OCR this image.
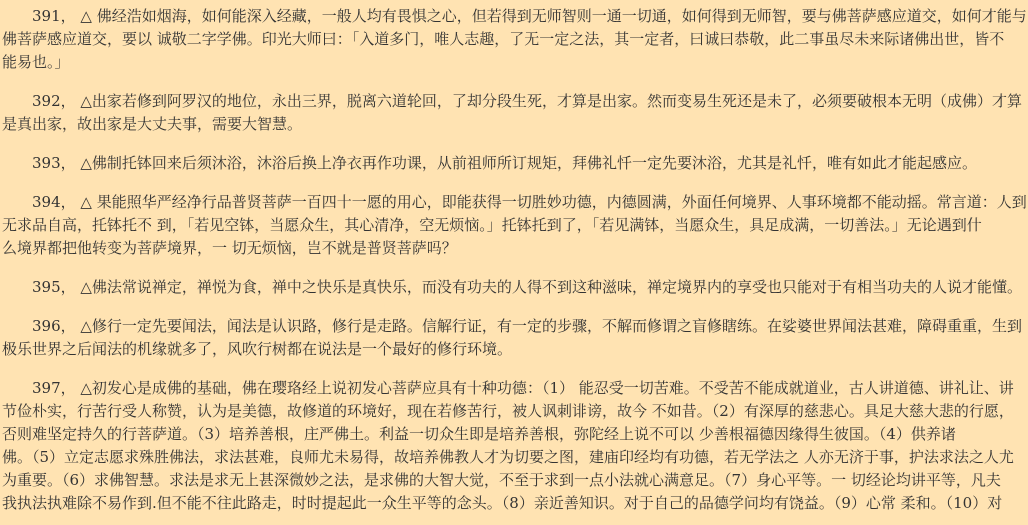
　　391， △ 佛经浩如烟海，如何能深入经藏，一般人均有畏惧之心，但若得到无师智则一通一切通，如何得到无师智，要与佛菩萨感应道交，如何才能与
佛菩萨感应道交，要以 诚敬二字学佛。印光大师曰：「入道多门，唯人志趣，了无一定之法，其一定者，曰诚曰恭敬，此二事虽尽未来际诸佛出世，皆不
能易也。」

　　392， △出家若修到阿罗汉的地位，永出三界，脱离六道轮回，了却分段生死，才算是出家。然而变易生死还是未了，必须要破根本无明（成佛）才算
是真出家，故出家是大丈夫事，需要大智慧。

　　393， △佛制托钵回来后须沐浴，沐浴后换上净衣再作功课，从前祖师所订规矩，拜佛礼忏一定先要沐浴，尤其是礼忏，唯有如此才能起感应。

　　394， △ 果能照华严经净行品普贤菩萨一百四十一愿的用心，即能获得一切胜妙功德，内德圆满，外面任何境界、人事环境都不能动摇。常言道：人到
无求品自高，托钵托不 到，「若见空钵，当愿众生，其心清净，空无烦恼。」托钵托到了，「若见满钵，当愿众生，具足成满，一切善法。」无论遇到什
么境界都把他转变为菩萨境界，一 切无烦恼，岂不就是普贤菩萨吗？

　　395， △佛法常说禅定，禅悦为食，禅中之快乐是真快乐，而没有功夫的人得不到这种滋味，禅定境界内的享受也只能对于有相当功夫的人说才能懂。

　　396， △修行一定先要闻法，闻法是认识路，修行是走路。信解行证，有一定的步骤，不解而修谓之盲修瞎练。在娑婆世界闻法甚难，障碍重重，生到
极乐世界之后闻法的机缘就多了，风吹行树都在说法是一个最好的修行环境。

　　397， △初发心是成佛的基础，佛在璎珞经上说初发心菩萨应具有十种功德：（1） 能忍受一切苦难。不受苦不能成就道业，古人讲道德、讲礼让、讲
节俭朴实，行苦行受人称赞，认为是美德，故修道的环境好，现在若修苦行，被人讽刺诽谤，故今 不如昔。（2）有深厚的慈悲心。具足大慈大悲的行愿，
否则难坚定持久的行菩萨道。（3）培养善根，庄严佛土。利益一切众生即是培养善根，弥陀经上说不可以 少善根福德因缘得生彼国。（4）供养诸
佛。（5）立定志愿求殊胜佛法，求法甚难，良师尤未易得，故培养佛教人才为切要之图，建庙印经均有功德，若无学法之 人亦无济于事，护法求法之人尤
为重要。（6）求佛智慧。求法是求无上甚深微妙之法，是求佛的大智大觉，不至于求到一点小法就心满意足。（7）身心平等。一 切经论均讲平等，凡夫
我执法执难除不易作到.但不能不往此路走，时时提起此一众生平等的念头。（8）亲近善知识。对于自己的品德学问均有饶益。（9）心常 柔和。（10）对
